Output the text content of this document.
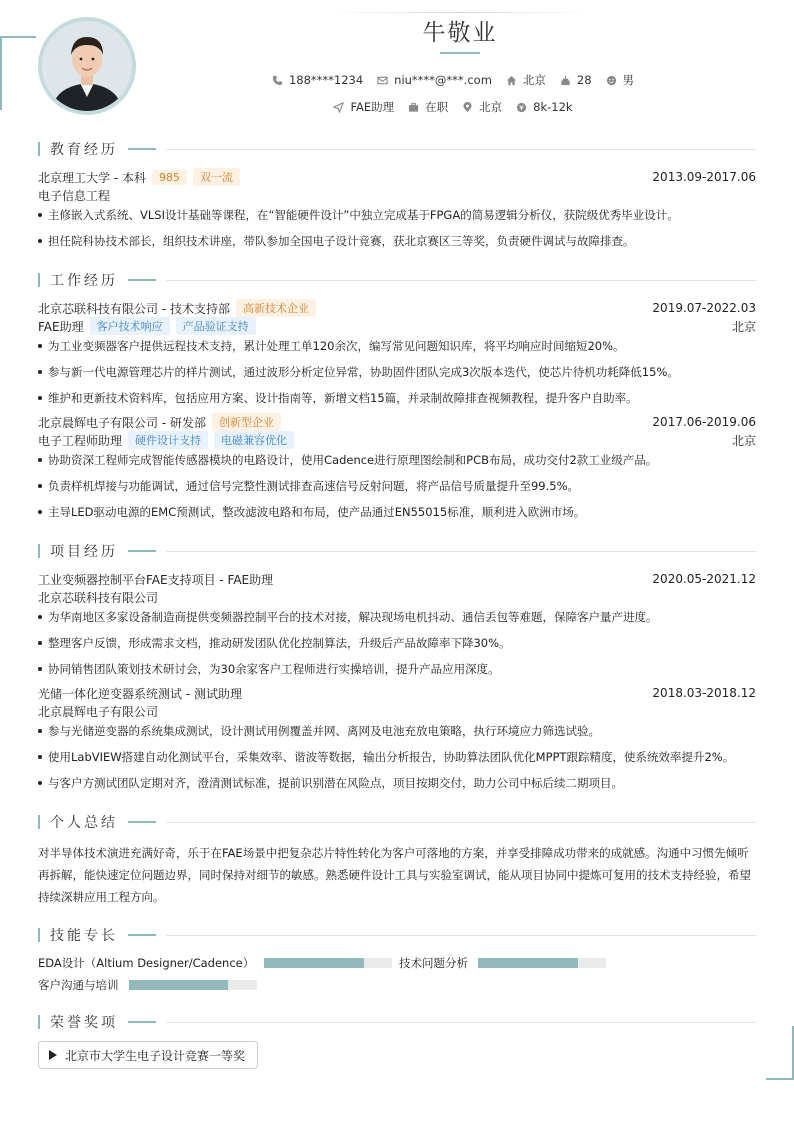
牛敬业
188****1234	niu****@***.com	北京	28	男
FAE助理	在职	北京	8k-12k
教育经历
北京理工大学 - 本科	985	双一流	2013.09-2017.06
电子信息工程
主修嵌入式系统、VLSI设计基础等课程，在“智能硬件设计”中独立完成基于FPGA的简易逻辑分析仪，获院级优秀毕业设计。
担任院科协技术部长，组织技术讲座，带队参加全国电子设计竞赛，获北京赛区三等奖，负责硬件调试与故障排查。
工作经历
北京芯联科技有限公司 - 技术支持部	高新技术企业	2019.07-2022.03
FAE助理	客户技术响应	产品验证支持	北京
为工业变频器客户提供远程技术支持，累计处理工单120余次，编写常见问题知识库，将平均响应时间缩短20%。
参与新一代电源管理芯片的样片测试，通过波形分析定位异常，协助固件团队完成3次版本迭代，使芯片待机功耗降低15%。
维护和更新技术资料库，包括应用方案、设计指南等，新增文档15篇，并录制故障排查视频教程，提升客户自助率。
北京晨辉电子有限公司 - 研发部	创新型企业	2017.06-2019.06
电子工程师助理	硬件设计支持	电磁兼容优化	北京
协助资深工程师完成智能传感器模块的电路设计，使用Cadence进行原理图绘制和PCB布局，成功交付2款工业级产品。
负责样机焊接与功能调试，通过信号完整性测试排查高速信号反射问题，将产品信号质量提升至99.5%。
主导LED驱动电源的EMC预测试，整改滤波电路和布局，使产品通过EN55015标准，顺利进入欧洲市场。
项目经历
工业变频器控制平台FAE支持项目 - FAE助理	2020.05-2021.12
北京芯联科技有限公司
为华南地区多家设备制造商提供变频器控制平台的技术对接，解决现场电机抖动、通信丢包等难题，保障客户量产进度。
整理客户反馈，形成需求文档，推动研发团队优化控制算法，升级后产品故障率下降30%。
协同销售团队策划技术研讨会，为30余家客户工程师进行实操培训，提升产品应用深度。
光储一体化逆变器系统测试 - 测试助理	2018.03-2018.12
北京晨辉电子有限公司
参与光储逆变器的系统集成测试，设计测试用例覆盖并网、离网及电池充放电策略，执行环境应力筛选试验。
使用LabVIEW搭建自动化测试平台，采集效率、谐波等数据，输出分析报告，协助算法团队优化MPPT跟踪精度，使系统效率提升2%。
与客户方测试团队定期对齐，澄清测试标准，提前识别潜在风险点，项目按期交付，助力公司中标后续二期项目。
个人总结
对半导体技术演进充满好奇，乐于在FAE场景中把复杂芯片特性转化为客户可落地的方案，并享受排障成功带来的成就感。沟通中习惯先倾听再拆解，能快速定位问题边界，同时保持对细节的敏感。熟悉硬件设计工具与实验室调试，能从项目协同中提炼可复用的技术支持经验，希望持续深耕应用工程方向。
技能专长
EDA设计（Altium Designer/Cadence）	技术问题分析
客户沟通与培训
荣誉奖项
北京市大学生电子设计竞赛一等奖
